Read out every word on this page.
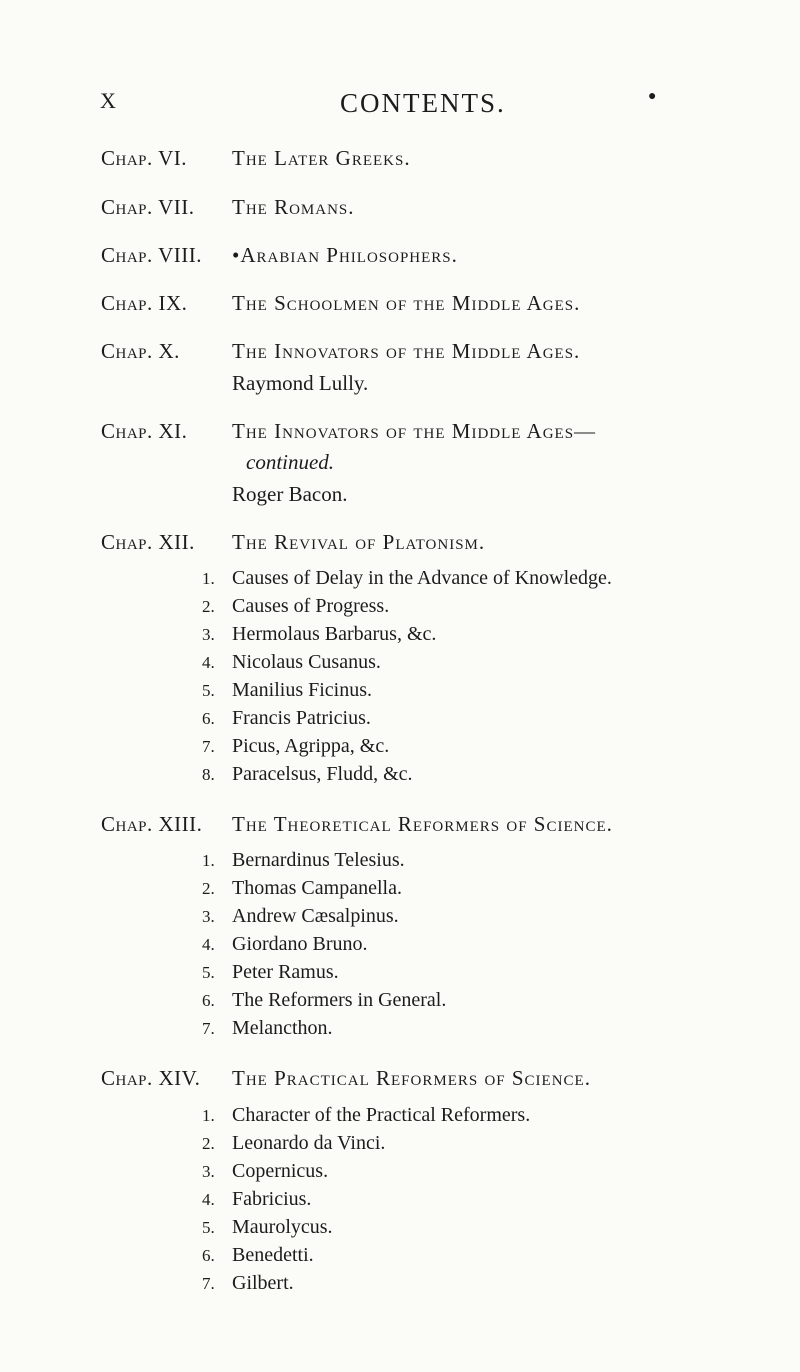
X	CONTENTS.	●
Chap. VI. The Later Greeks.
Chap. VII. The Romans.
Chap. VIII. •Arabian Philosophers.
Chap. IX. The Schoolmen of the Middle Ages.
Chap. X. The Innovators of the Middle Ages.
Raymond Lully.
Chap. XI. The Innovators of the Middle Ages—
continued.
Roger Bacon.
Chap. XII. The Revival of Platonism.
1. Causes of Delay in the Advance of Knowledge.
2. Causes of Progress.
3. Hermolaus Barbarus, &c.
4. Nicolaus Cusanus.
5. Manilius Ficinus.
6. Francis Patricius.
7. Picus, Agrippa, &c.
8. Paracelsus, Fludd, &c.
Chap. XIII. The Theoretical Reformers of Science.
1. Bernardinus Telesius.
2. Thomas Campanella.
3. Andrew Cæsalpinus.
4. Giordano Bruno.
5. Peter Ramus.
6. The Reformers in General.
7. Melancthon.
Chap. XIV. The Practical Reformers of Science.
1. Character of the Practical Reformers.
2. Leonardo da Vinci.
3. Copernicus.
4. Fabricius.
5. Maurolycus.
6. Benedetti.
7. Gilbert.
